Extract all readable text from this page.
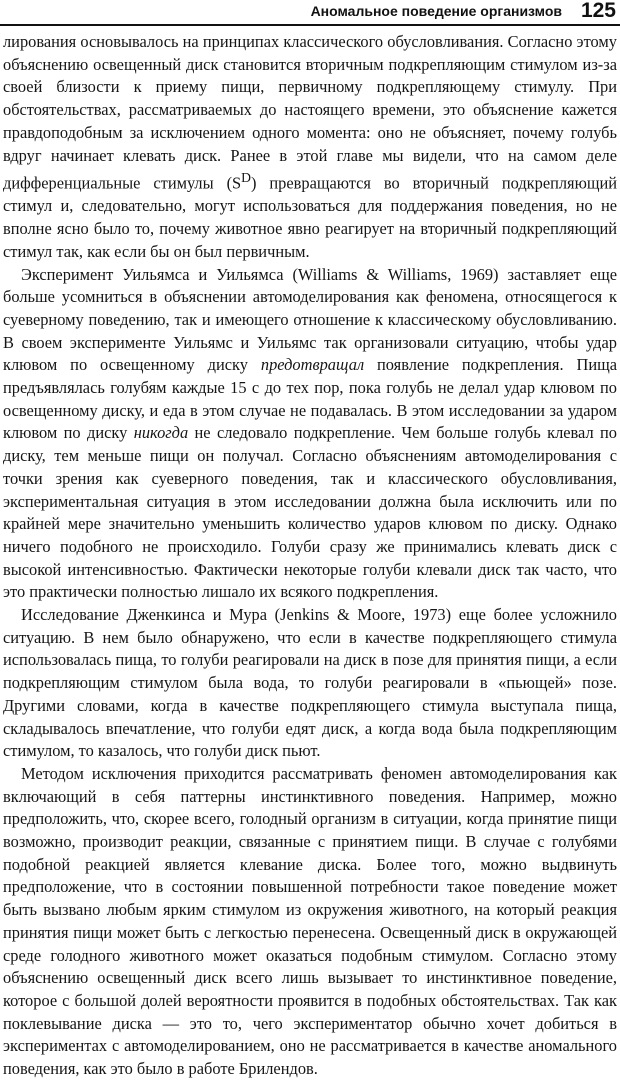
Аномальное поведение организмов 125

лирования основывалось на принципах классического обусловливания. Согласно этому объяснению освещенный диск становится вторичным подкрепляющим стимулом из-за своей близости к приему пищи, первичному подкрепляющему стимулу. При обстоятельствах, рассматриваемых до настоящего времени, это объяснение кажется правдоподобным за исключением одного момента: оно не объясняет, почему голубь вдруг начинает клевать диск. Ранее в этой главе мы видели, что на самом деле дифференциальные стимулы $(S^D)$ превращаются во вторичный подкрепляющий стимул и, следовательно, могут использоваться для поддержания поведения, но не вполне ясно было то, почему животное явно реагирует на вторичный подкрепляющий стимул так, как если бы он был первичным.

Эксперимент Уильямса и Уильямса (Williams & Williams, 1969) заставляет еще больше усомниться в объяснении автомоделирования как феномена, относящегося к суеверному поведению, так и имеющего отношение к классическому обусловливанию. В своем эксперименте Уильямс и Уильямс так организовали ситуацию, чтобы удар клювом по освещенному диску предотвращал появление подкрепления. Пища предъявлялась голубям каждые 15 с до тех пор, пока голубь не делал удар клювом по освещенному диску, и еда в этом случае не подавалась. В этом исследовании за ударом клювом по диску никогда не следовало подкрепление. Чем больше голубь клевал по диску, тем меньше пищи он получал. Согласно объяснениям автомоделирования с точки зрения как суеверного поведения, так и классического обусловливания, экспериментальная ситуация в этом исследовании должна была исключить или по крайней мере значительно уменьшить количество ударов клювом по диску. Однако ничего подобного не происходило. Голуби сразу же принимались клевать диск с высокой интенсивностью. Фактически некоторые голуби клевали диск так часто, что это практически полностью лишало их всякого подкрепления.

Исследование Дженкинса и Мура (Jenkins & Moore, 1973) еще более усложнило ситуацию. В нем было обнаружено, что если в качестве подкрепляющего стимула использовалась пища, то голуби реагировали на диск в позе для принятия пищи, а если подкрепляющим стимулом была вода, то голуби реагировали в «пьющей» позе. Другими словами, когда в качестве подкрепляющего стимула выступала пища, складывалось впечатление, что голуби едят диск, а когда вода была подкрепляющим стимулом, то казалось, что голуби диск пьют.

Методом исключения приходится рассматривать феномен автомоделирования как включающий в себя паттерны инстинктивного поведения. Например, можно предположить, что, скорее всего, голодный организм в ситуации, когда принятие пищи возможно, производит реакции, связанные с принятием пищи. В случае с голубями подобной реакцией является клевание диска. Более того, можно выдвинуть предположение, что в состоянии повышенной потребности такое поведение может быть вызвано любым ярким стимулом из окружения животного, на который реакция принятия пищи может быть с легкостью перенесена. Освещенный диск в окружающей среде голодного животного может оказаться подобным стимулом. Согласно этому объяснению освещенный диск всего лишь вызывает то инстинктивное поведение, которое с большой долей вероятности проявится в подобных обстоятельствах. Так как поклевывание диска — это то, чего экспериментатор обычно хочет добиться в экспериментах с автомоделированием, оно не рассматривается в качестве аномального поведения, как это было в работе Брилендов.
